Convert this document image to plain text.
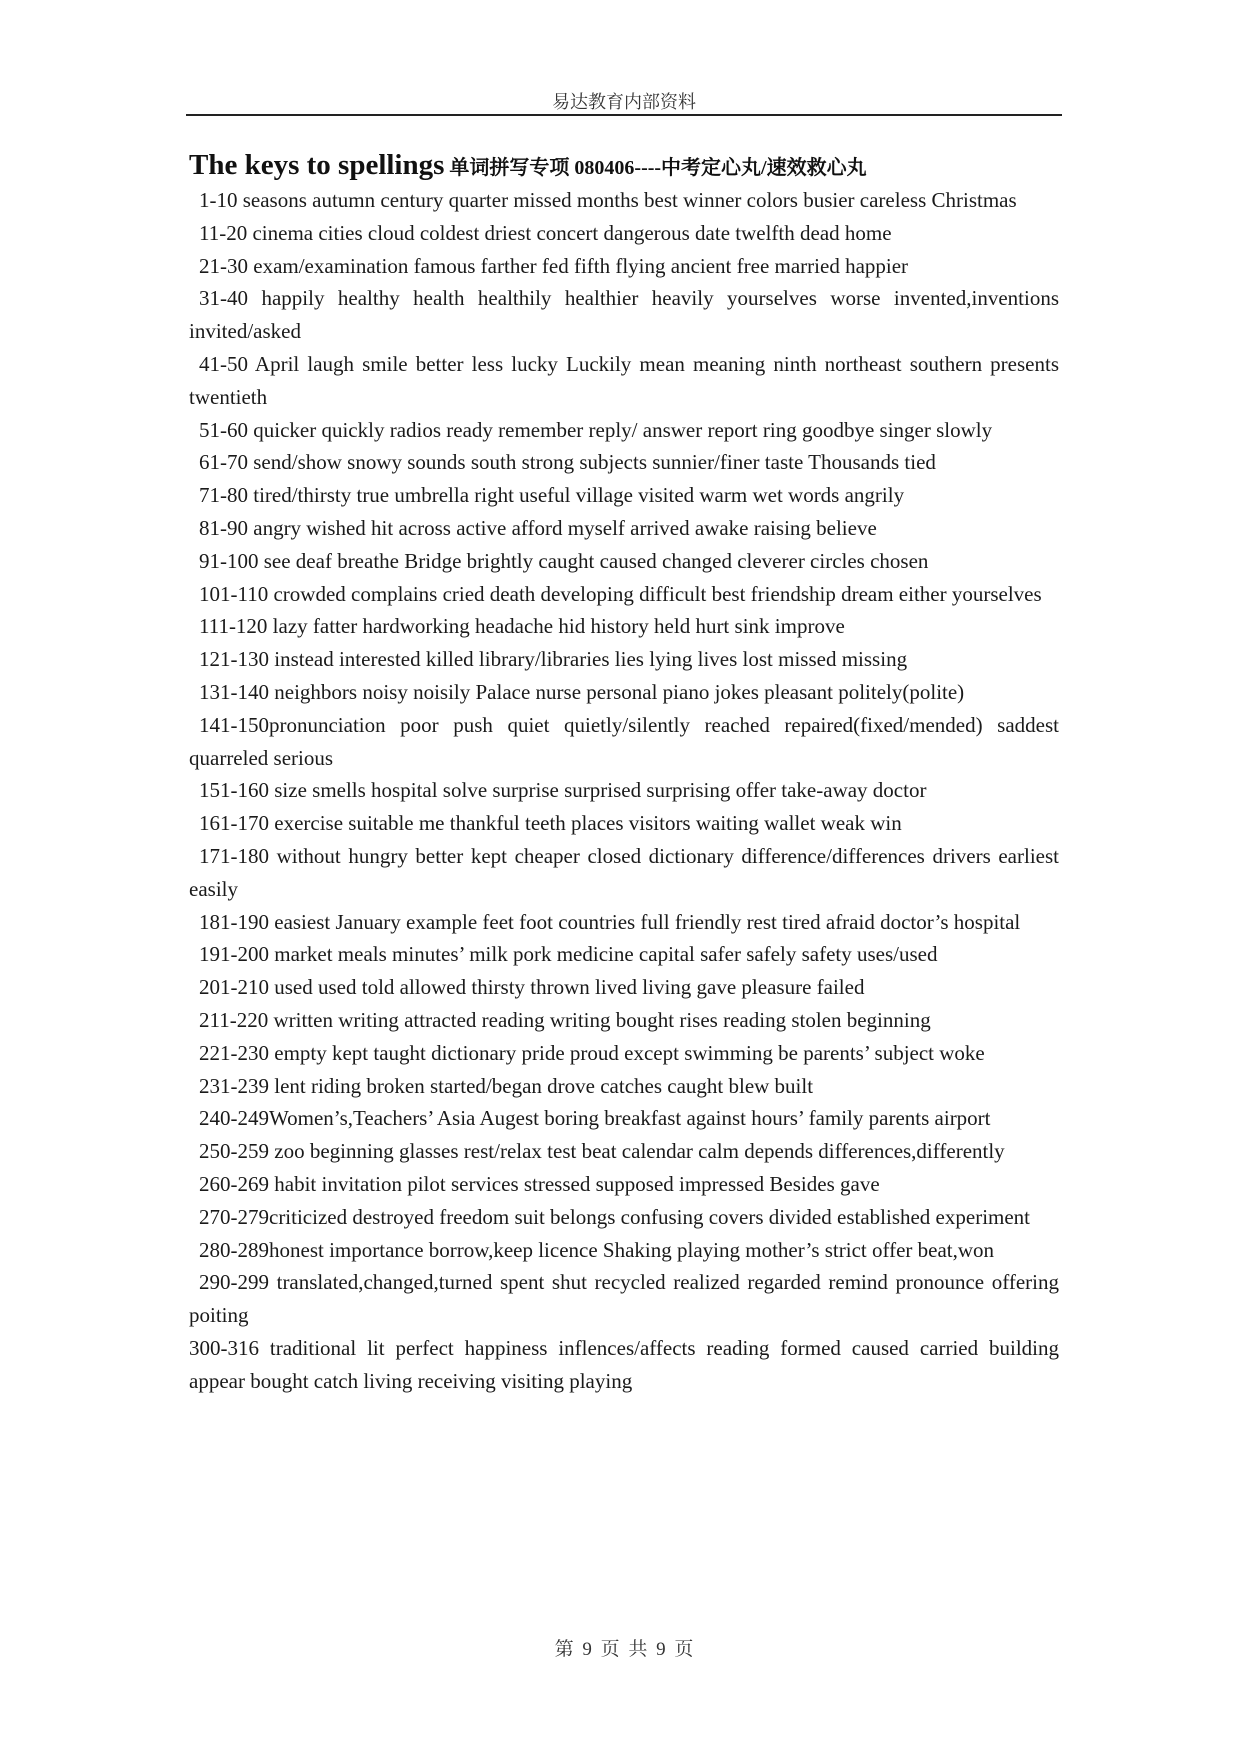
易达教育内部资料
The keys to spellings 单词拼写专项 080406----中考定心丸/速效救心丸
1-10 seasons autumn century quarter missed months best winner colors busier careless Christmas
11-20 cinema cities cloud coldest driest concert dangerous date twelfth dead home
21-30 exam/examination famous farther fed fifth flying ancient free married happier
31-40 happily healthy health healthily healthier heavily yourselves worse invented,inventions invited/asked
41-50 April laugh smile better less lucky Luckily mean meaning ninth northeast southern presents twentieth
51-60 quicker quickly radios ready remember reply/ answer report ring goodbye singer slowly
61-70 send/show snowy sounds south strong subjects sunnier/finer taste Thousands tied
71-80 tired/thirsty true umbrella right useful village visited warm wet words angrily
81-90 angry wished hit across active afford myself arrived awake raising believe
91-100 see deaf breathe Bridge brightly caught caused changed cleverer circles chosen
101-110 crowded complains cried death developing difficult best friendship dream either yourselves
111-120 lazy fatter hardworking headache hid history held hurt sink improve
121-130 instead interested killed library/libraries lies lying lives lost missed missing
131-140 neighbors noisy noisily Palace nurse personal piano jokes pleasant politely(polite)
141-150pronunciation poor push quiet quietly/silently reached repaired(fixed/mended) saddest quarreled serious
151-160 size smells hospital solve surprise surprised surprising offer take-away doctor
161-170 exercise suitable me thankful teeth places visitors waiting wallet weak win
171-180 without hungry better kept cheaper closed dictionary difference/differences drivers earliest easily
181-190 easiest January example feet foot countries full friendly rest tired afraid doctor’s hospital
191-200 market meals minutes’ milk pork medicine capital safer safely safety uses/used
201-210 used used told allowed thirsty thrown lived living gave pleasure failed
211-220 written writing attracted reading writing bought rises reading stolen beginning
221-230 empty kept taught dictionary pride proud except swimming be parents’ subject woke
231-239 lent riding broken started/began drove catches caught blew built
240-249Women’s,Teachers’ Asia Augest boring breakfast against hours’ family parents airport
250-259 zoo beginning glasses rest/relax test beat calendar calm depends differences,differently
260-269 habit invitation pilot services stressed supposed impressed Besides gave
270-279criticized destroyed freedom suit belongs confusing covers divided established experiment
280-289honest importance borrow,keep licence Shaking playing mother’s strict offer beat,won
290-299 translated,changed,turned spent shut recycled realized regarded remind pronounce offering poiting
300-316 traditional lit perfect happiness inflences/affects reading formed caused carried building appear bought catch living receiving visiting playing
第 9 页 共 9 页
